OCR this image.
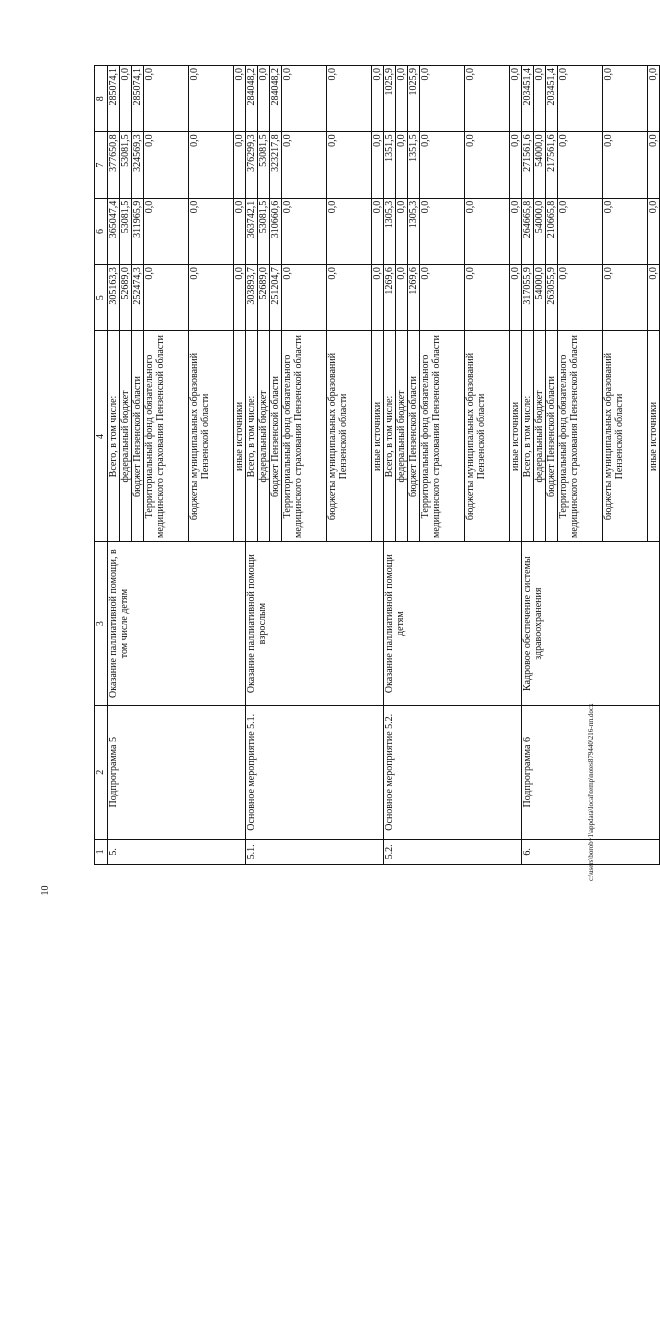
10
c:\users\borob~1\appdata\local\temp\notes879440\216-пп.docx
1	2	3	4	5	6	7	8
5.	Подпрограмма 5	Оказание паллиативной помощи, в том числе детям	Всего, в том числе:	305163,3	365047,4	377650,8	285074,1
			федеральный бюджет	52689,0	53081,5	53081,5	0,0
			бюджет Пензенской области	252474,3	311965,9	324569,3	285074,1
			Территориальный фонд обязательного медицинского страхования Пензенской области	0,0	0,0	0,0	0,0
			бюджеты муниципальных образований Пензенской области	0,0	0,0	0,0	0,0
			иные источники	0,0	0,0	0,0	0,0
5.1.	Основное мероприятие 5.1.	Оказание паллиативной помощи взрослым	Всего, в том числе:	303893,7	363742,1	376299,3	284048,2
			федеральный бюджет	52689,0	53081,5	53081,5	0,0
			бюджет Пензенской области	251204,7	310660,6	323217,8	284048,2
			Территориальный фонд обязательного медицинского страхования Пензенской области	0,0	0,0	0,0	0,0
			бюджеты муниципальных образований Пензенской области	0,0	0,0	0,0	0,0
			иные источники	0,0	0,0	0,0	0,0
5.2.	Основное мероприятие 5.2.	Оказание паллиативной помощи детям	Всего, в том числе:	1269,6	1305,3	1351,5	1025,9
			федеральный бюджет	0,0	0,0	0,0	0,0
			бюджет Пензенской области	1269,6	1305,3	1351,5	1025,9
			Территориальный фонд обязательного медицинского страхования Пензенской области	0,0	0,0	0,0	0,0
			бюджеты муниципальных образований Пензенской области	0,0	0,0	0,0	0,0
			иные источники	0,0	0,0	0,0	0,0
6.	Подпрограмма 6	Кадровое обеспечение системы здравоохранения	Всего, в том числе:	317055,9	264665,8	271561,6	203451,4
			федеральный бюджет	54000,0	54000,0	54000,0	0,0
			бюджет Пензенской области	263055,9	210665,8	217561,6	203451,4
			Территориальный фонд обязательного медицинского страхования Пензенской области	0,0	0,0	0,0	0,0
			бюджеты муниципальных образований Пензенской области	0,0	0,0	0,0	0,0
			иные источники	0,0	0,0	0,0	0,0
